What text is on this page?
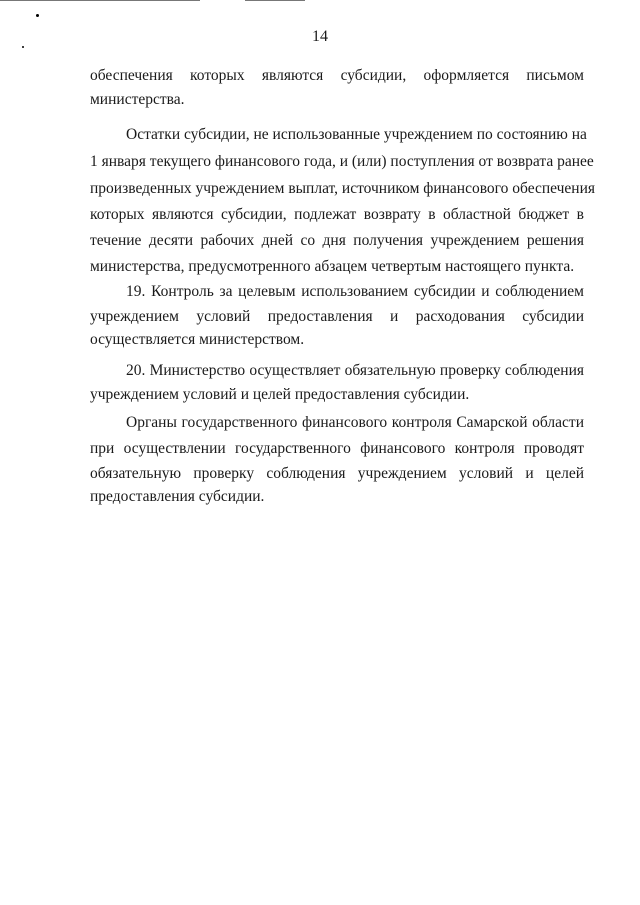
14
обеспечения которых являются субсидии, оформляется письмом
министерства.
Остатки субсидии, не использованные учреждением по состоянию на
1 января текущего финансового года, и (или) поступления от возврата ранее
произведенных учреждением выплат, источником финансового обеспечения
которых являются субсидии, подлежат возврату в областной бюджет в
течение десяти рабочих дней со дня получения учреждением решения
министерства, предусмотренного абзацем четвертым настоящего пункта.
19. Контроль за целевым использованием субсидии и соблюдением
учреждением условий предоставления и расходования субсидии
осуществляется министерством.
20. Министерство осуществляет обязательную проверку соблюдения
учреждением условий и целей предоставления субсидии.
Органы государственного финансового контроля Самарской области
при осуществлении государственного финансового контроля проводят
обязательную проверку соблюдения учреждением условий и целей
предоставления субсидии.
